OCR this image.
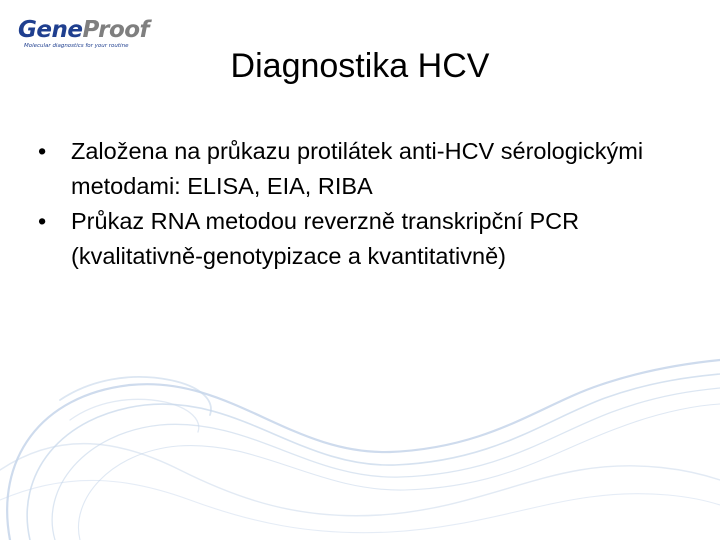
GeneProof
Molecular diagnostics for your routine
Diagnostika HCV
• Založena na průkazu protilátek anti-HCV sérologickými metodami: ELISA, EIA, RIBA
• Průkaz RNA metodou reverzně transkripční PCR (kvalitativně-genotypizace a kvantitativně)
